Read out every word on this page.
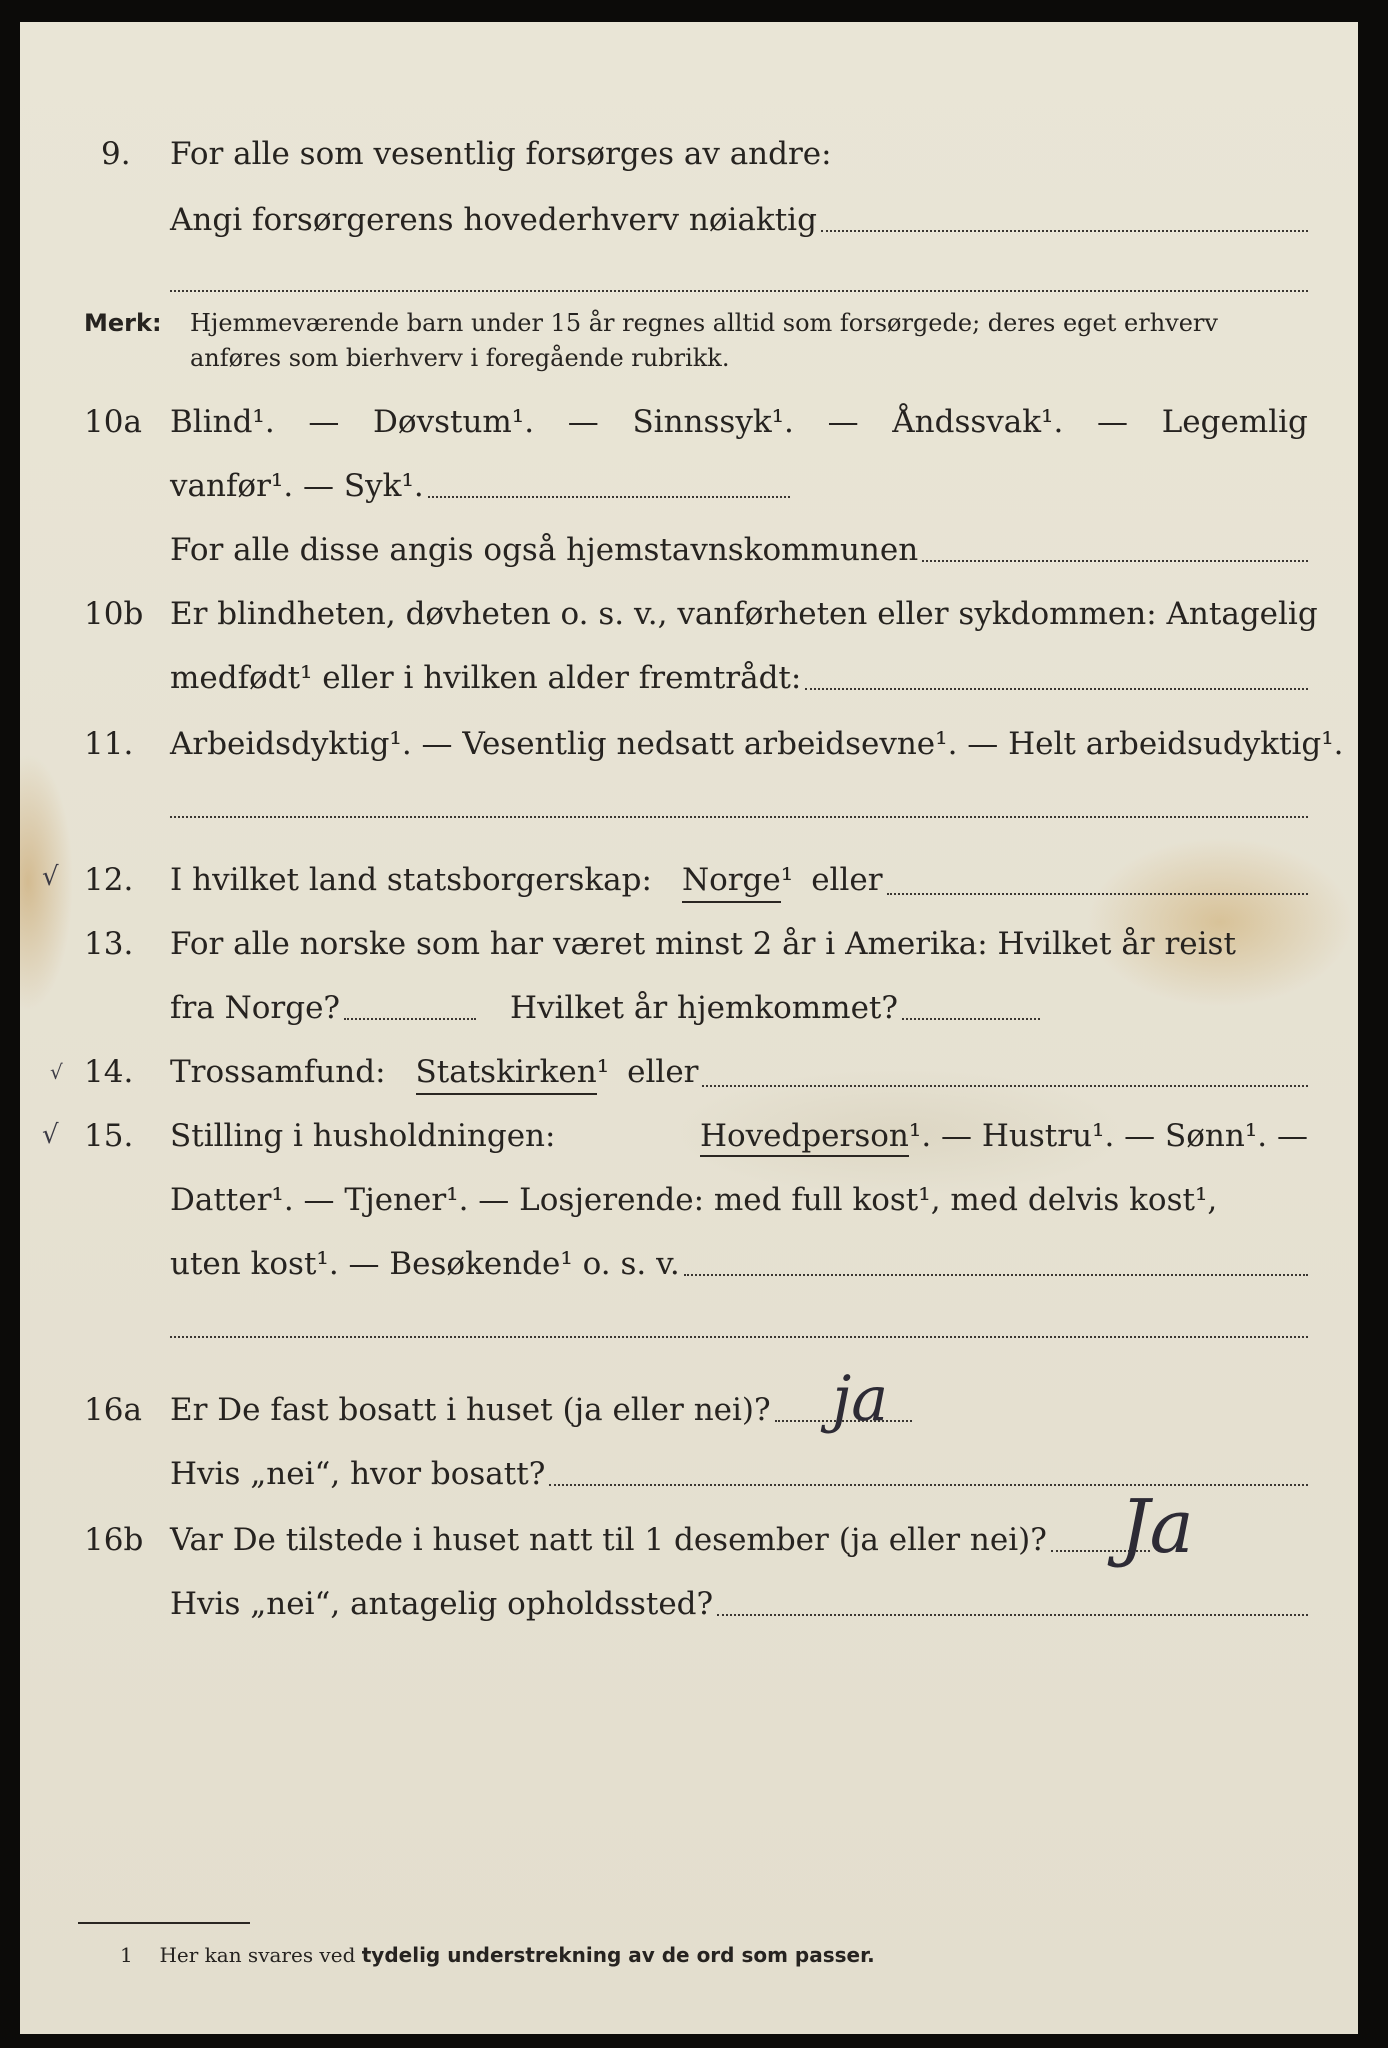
9. For alle som vesentlig forsørges av andre:
Angi forsørgerens hovederhverv nøiaktig
Merk: Hjemmeværende barn under 15 år regnes alltid som forsørgede; deres eget erhverv
anføres som bierhverv i foregående rubrikk.
10a Blind¹. — Døvstum¹. — Sinnssyk¹. — Åndssvak¹. — Legemlig
vanfør¹. — Syk¹.
For alle disse angis også hjemstavnskommunen
10b Er blindheten, døvheten o. s. v., vanførheten eller sykdommen: Antagelig
medfødt¹ eller i hvilken alder fremtrådt:
11. Arbeidsdyktig¹. — Vesentlig nedsatt arbeidsevne¹. — Helt arbeidsudyktig¹.
√ 12. I hvilket land statsborgerskap: Norge ¹ eller
13. For alle norske som har været minst 2 år i Amerika: Hvilket år reist
fra Norge?	Hvilket år hjemkommet?
√ 14. Trossamfund: Statskirken ¹ eller
√ 15. Stilling i husholdningen:	Hovedperson¹. — Hustru¹. — Sønn¹. —
Datter¹. — Tjener¹. — Losjerende: med full kost¹, med delvis kost¹,
uten kost¹. — Besøkende¹ o. s. v.
16a Er De fast bosatt i huset (ja eller nei)? ja
Hvis „nei“, hvor bosatt?
16b Var De tilstede i huset natt til 1 desember (ja eller nei)? Ja
Hvis „nei“, antagelig opholdssted?
1 Her kan svares ved tydelig understrekning av de ord som passer.
